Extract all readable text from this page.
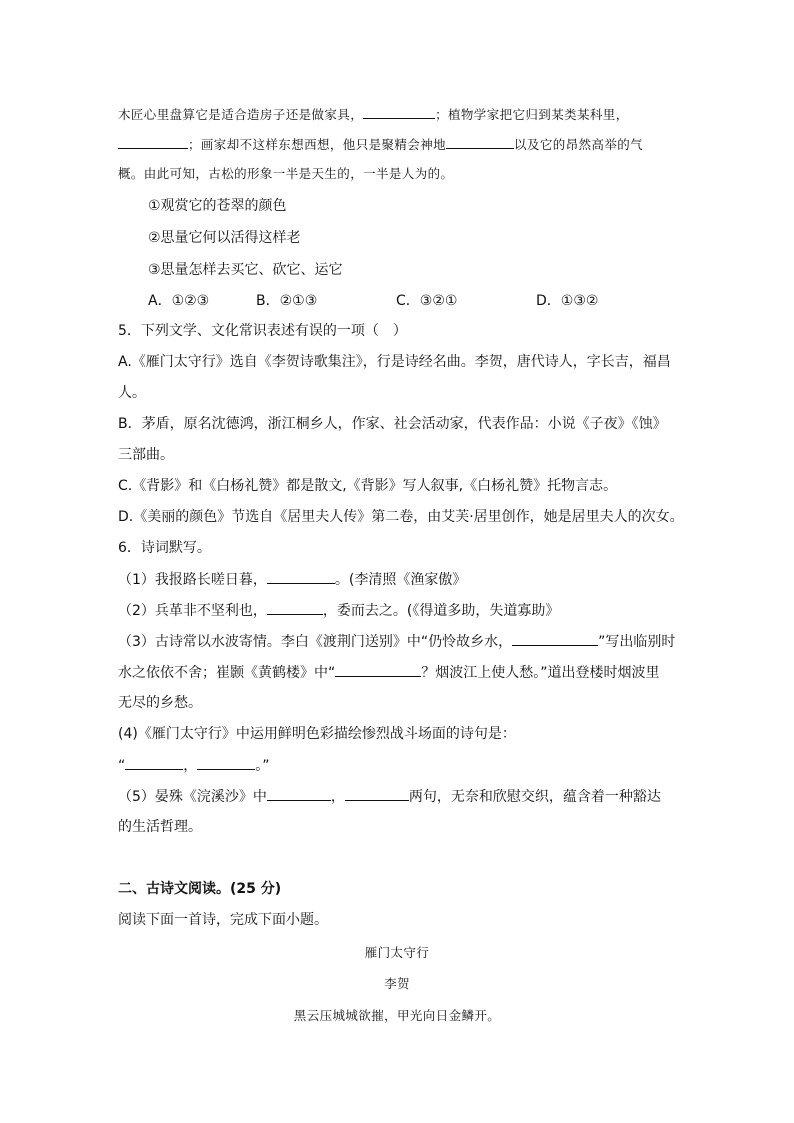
木匠心里盘算它是适合造房子还是做家具，	；植物学家把它归到某类某科里，
；画家却不这样东想西想，他只是聚精会神地	以及它的昂然高举的气
概。由此可知，古松的形象一半是天生的，一半是人为的。
①观赏它的苍翠的颜色
②思量它何以活得这样老
③思量怎样去买它、砍它、运它
A．①②③	B．②①③	C．③②①	D．①③②
5．下列文学、文化常识表述有误的一项（　）
A.《雁门太守行》选自《李贺诗歌集注》，行是诗经名曲。李贺，唐代诗人，字长吉，福昌
人。
B．茅盾，原名沈德鸿，浙江桐乡人，作家、社会活动家，代表作品：小说《子夜》《蚀》
三部曲。
C.《背影》和《白杨礼赞》都是散文,《背影》写人叙事,《白杨礼赞》托物言志。
D.《美丽的颜色》节选自《居里夫人传》第二卷，由艾芙·居里创作，她是居里夫人的次女。
6．诗词默写。
（1）我报路长嗟日暮，	。(李清照《渔家傲》
（2）兵革非不坚利也，	，委而去之。(《得道多助，失道寡助》
（3）古诗常以水波寄情。李白《渡荆门送别》中“仍怜故乡水，	”写出临别时
水之依依不舍；崔颢《黄鹤楼》中“	？烟波江上使人愁。”道出登楼时烟波里
无尽的乡愁。
(4)《雁门太守行》中运用鲜明色彩描绘惨烈战斗场面的诗句是：
“	，	。”
（5）晏殊《浣溪沙》中	，	两句，无奈和欣慰交织，蕴含着一种豁达
的生活哲理。
二、古诗文阅读。(25 分)
阅读下面一首诗，完成下面小题。
雁门太守行
李贺
黑云压城城欲摧，甲光向日金鳞开。
